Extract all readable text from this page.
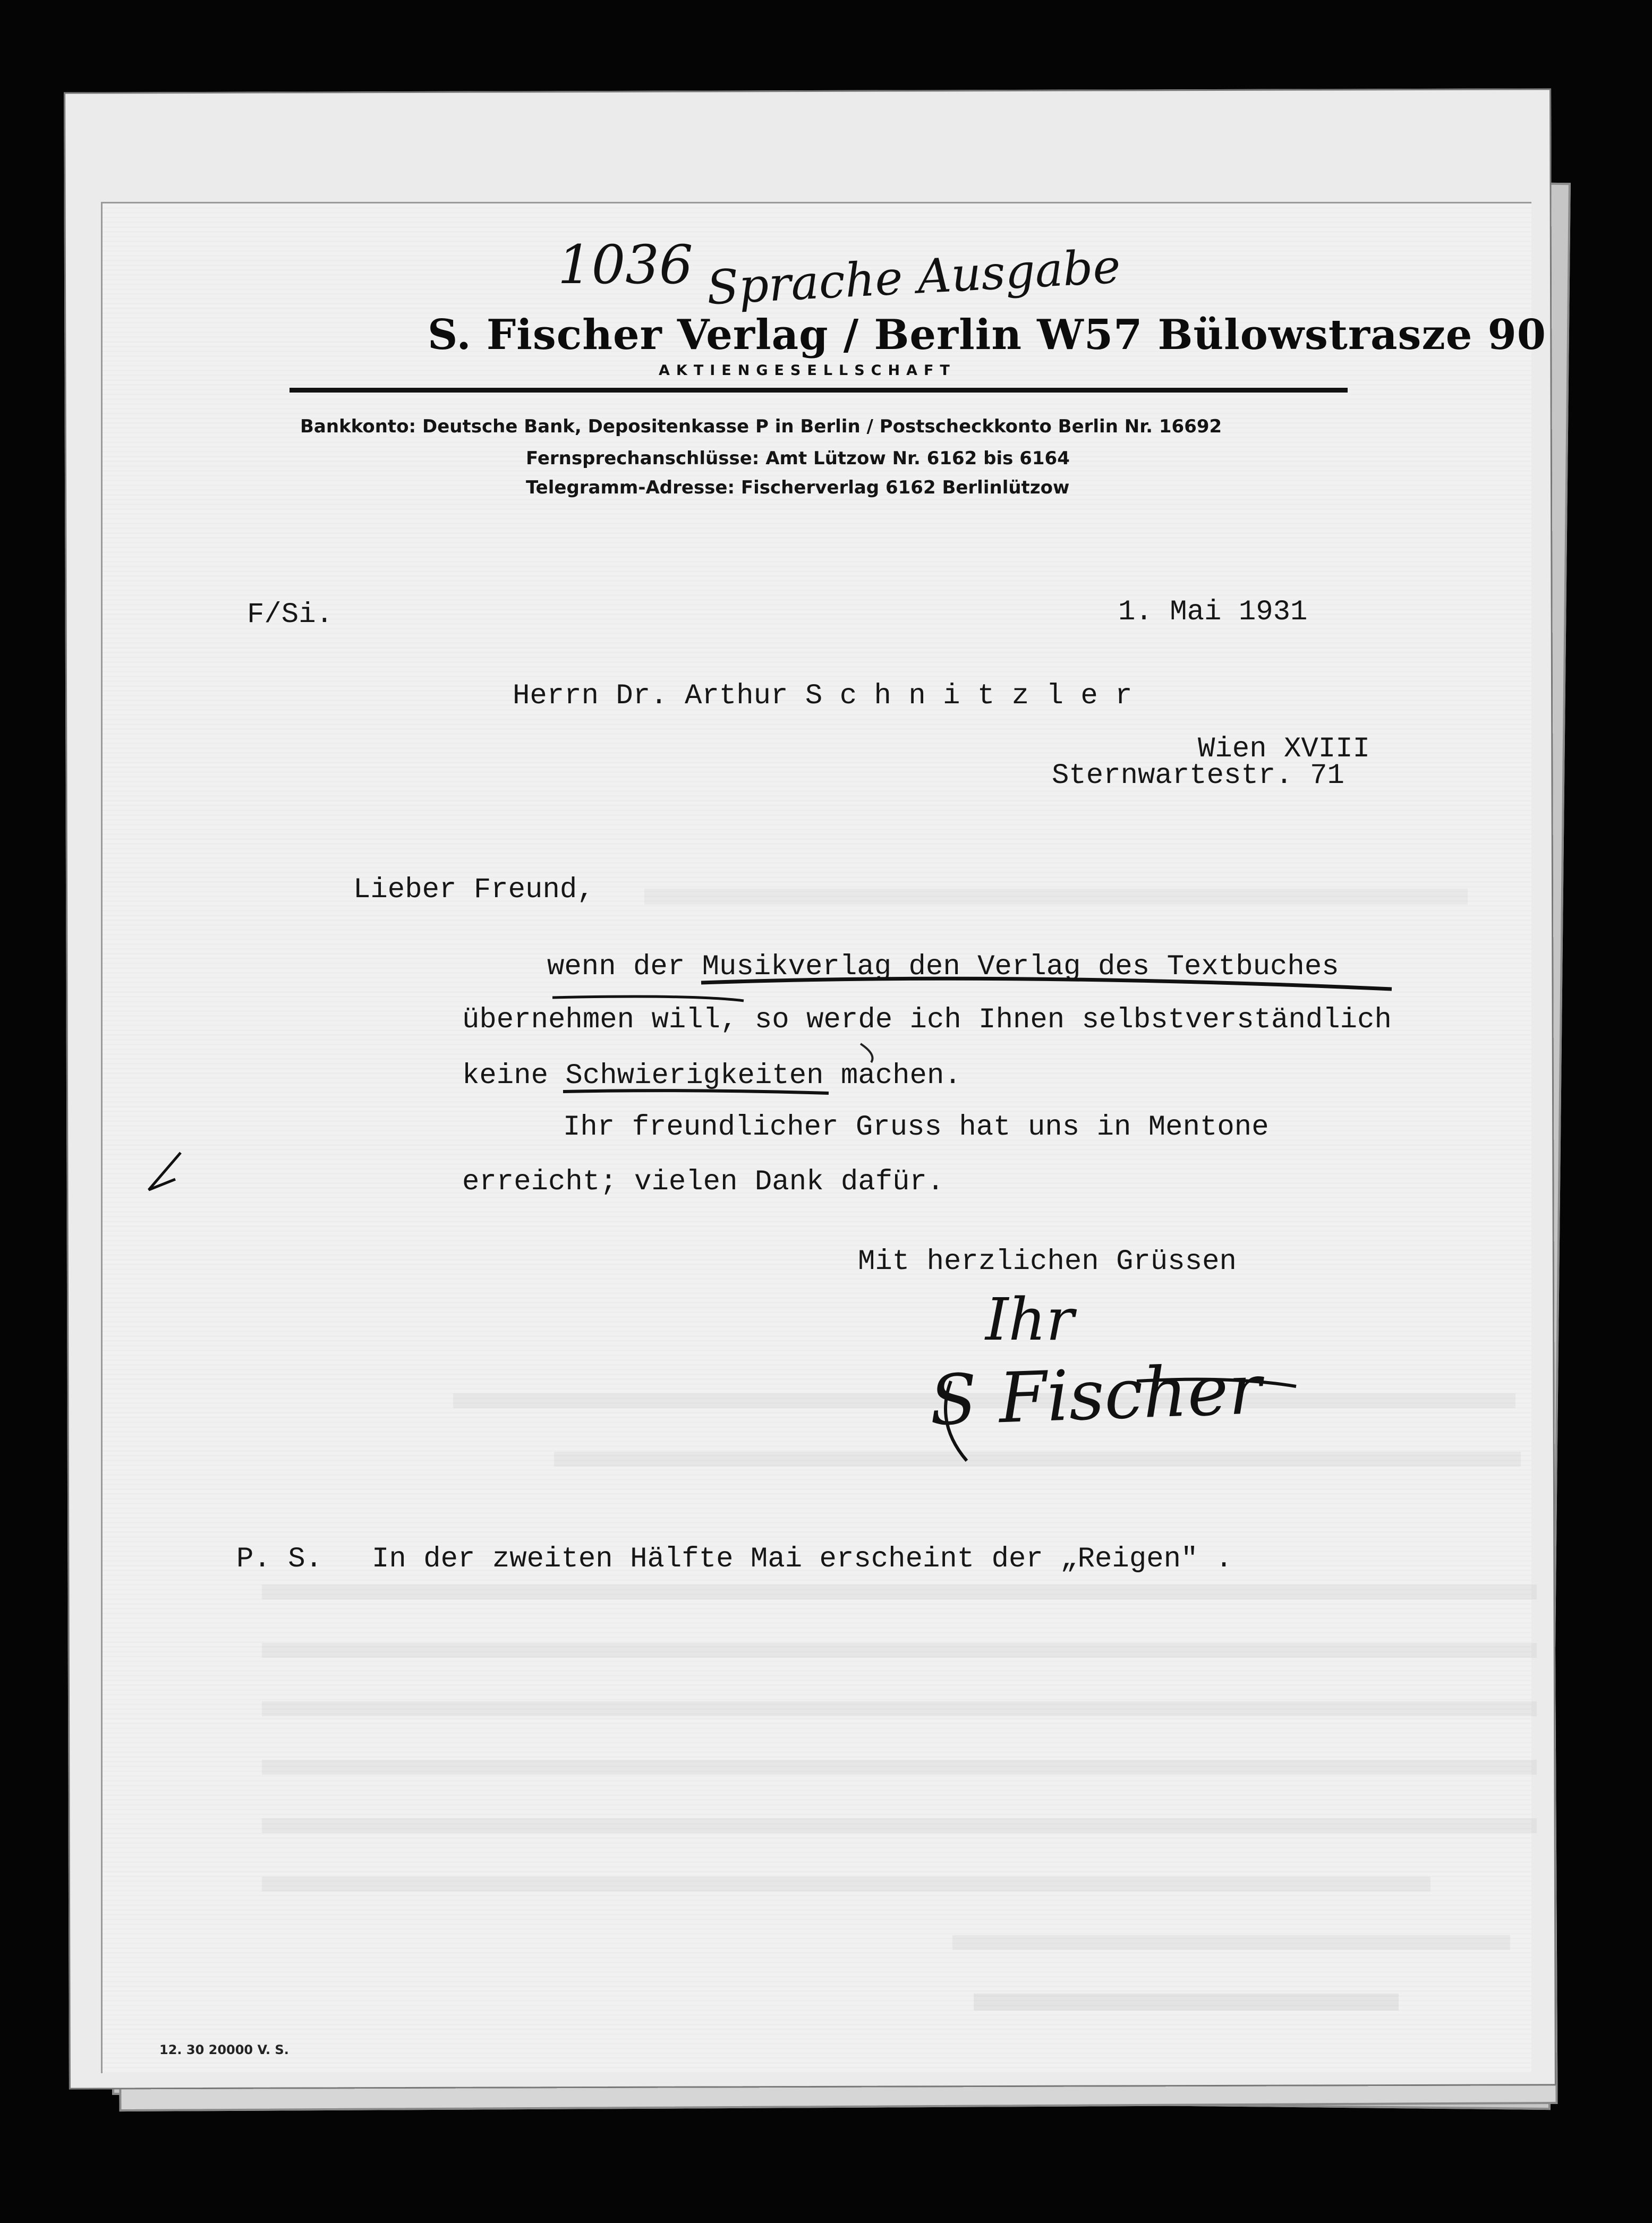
1036 Sprache Ausgabe
S. Fischer Verlag / Berlin W57 Bülowstrasze 90
AKTIENGESELLSCHAFT
Bankkonto: Deutsche Bank, Depositenkasse P in Berlin / Postscheckkonto Berlin Nr. 16692
Fernsprechanschlüsse: Amt Lützow Nr. 6162 bis 6164
Telegramm-Adresse: Fischerverlag 6162 Berlinlützow
F/Si.	1. Mai 1931
Herrn Dr. Arthur S c h n i t z l e r
Wien XVIII
Sternwartestr. 71
Lieber Freund,
wenn der Musikverlag den Verlag des Textbuches
übernehmen will, so werde ich Ihnen selbstverständlich
keine Schwierigkeiten machen.
Ihr freundlicher Gruss hat uns in Mentone
erreicht; vielen Dank dafür.
Mit herzlichen Grüssen
Ihr
S Fischer
P. S. In der zweiten Hälfte Mai erscheint der „Reigen" .
12. 30 20000 V. S.
